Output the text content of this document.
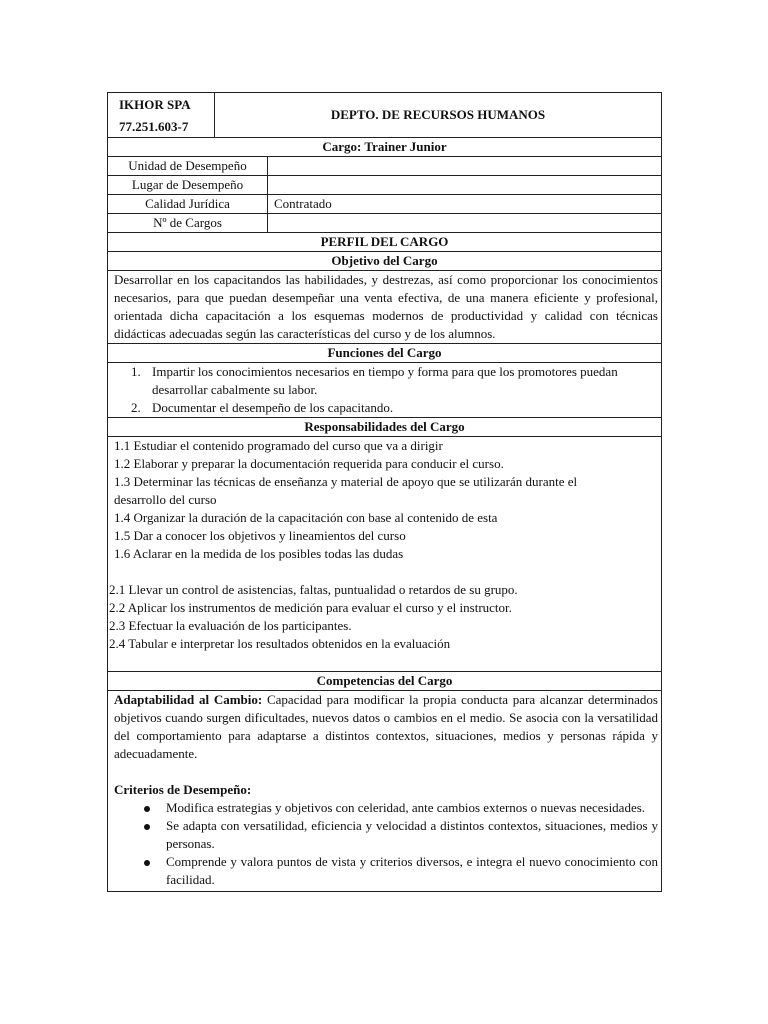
IKHOR SPA
77.251.603-7
DEPTO. DE RECURSOS HUMANOS
Cargo: Trainer Junior
Unidad de Desempeño
Lugar de Desempeño
Calidad Jurídica	Contratado
Nº de Cargos
PERFIL DEL CARGO
Objetivo del Cargo
Desarrollar en los capacitandos las habilidades, y destrezas, así como proporcionar los conocimientos necesarios, para que puedan desempeñar una venta efectiva, de una manera eficiente y profesional, orientada dicha capacitación a los esquemas modernos de productividad y calidad con técnicas didácticas adecuadas según las características del curso y de los alumnos.
Funciones del Cargo
1. Impartir los conocimientos necesarios en tiempo y forma para que los promotores puedan desarrollar cabalmente su labor.
2. Documentar el desempeño de los capacitando.
Responsabilidades del Cargo
1.1 Estudiar el contenido programado del curso que va a dirigir
1.2 Elaborar y preparar la documentación requerida para conducir el curso.
1.3 Determinar las técnicas de enseñanza y material de apoyo que se utilizarán durante el
desarrollo del curso
1.4 Organizar la duración de la capacitación con base al contenido de esta
1.5 Dar a conocer los objetivos y lineamientos del curso
1.6 Aclarar en la medida de los posibles todas las dudas
2.1 Llevar un control de asistencias, faltas, puntualidad o retardos de su grupo.
2.2 Aplicar los instrumentos de medición para evaluar el curso y el instructor.
2.3 Efectuar la evaluación de los participantes.
2.4 Tabular e interpretar los resultados obtenidos en la evaluación
Competencias del Cargo
Adaptabilidad al Cambio: Capacidad para modificar la propia conducta para alcanzar determinados objetivos cuando surgen dificultades, nuevos datos o cambios en el medio. Se asocia con la versatilidad del comportamiento para adaptarse a distintos contextos, situaciones, medios y personas rápida y adecuadamente.
Criterios de Desempeño:
Modifica estrategias y objetivos con celeridad, ante cambios externos o nuevas necesidades.
Se adapta con versatilidad, eficiencia y velocidad a distintos contextos, situaciones, medios y personas.
Comprende y valora puntos de vista y criterios diversos, e integra el nuevo conocimiento con facilidad.
